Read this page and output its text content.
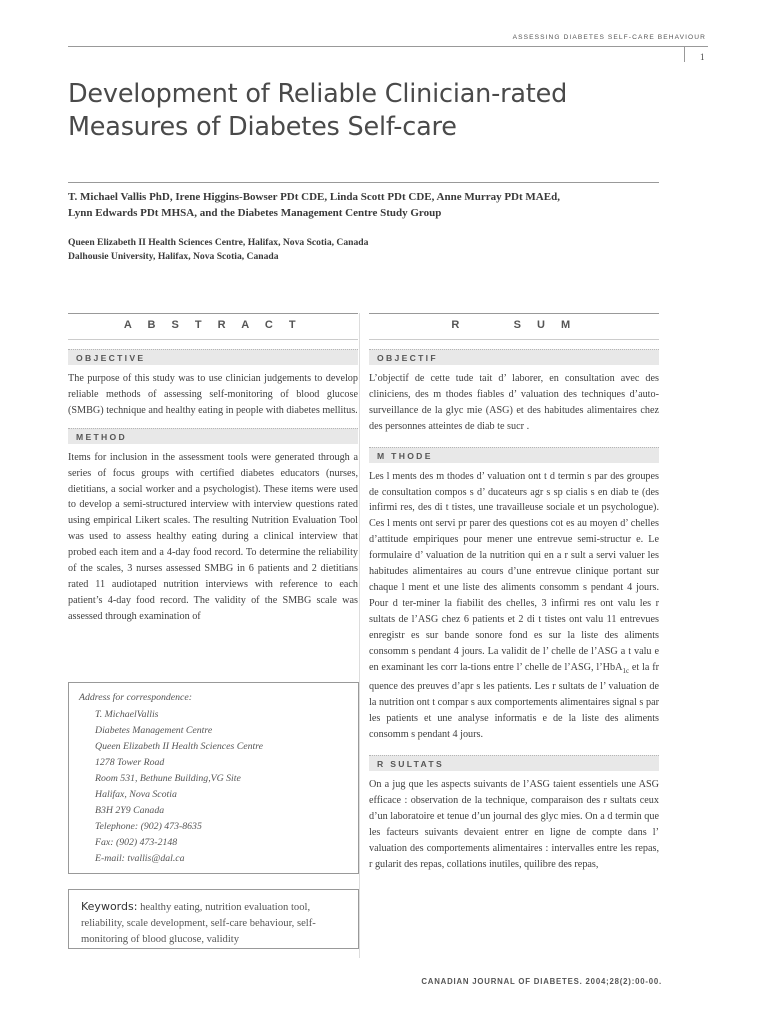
ASSESSING DIABETES SELF-CARE BEHAVIOUR
1
Development of Reliable Clinician-rated
Measures of Diabetes Self-care
T. Michael Vallis PhD, Irene Higgins-Bowser PDt CDE, Linda Scott PDt CDE, Anne Murray PDt MAEd,
Lynn Edwards PDt MHSA, and the Diabetes Management Centre Study Group
Queen Elizabeth II Health Sciences Centre, Halifax, Nova Scotia, Canada
Dalhousie University, Halifax, Nova Scotia, Canada
A B S T R A C T
OBJECTIVE

The purpose of this study was to use clinician judgements to develop reliable methods of assessing self-monitoring of blood glucose (SMBG) technique and healthy eating in people with diabetes mellitus.

METHOD

Items for inclusion in the assessment tools were generated through a series of focus groups with certified diabetes educators (nurses, dietitians, a social worker and a psychologist). These items were used to develop a semi-structured interview with interview questions rated using empirical Likert scales. The resulting Nutrition Evaluation Tool was used to assess healthy eating during a clinical interview that probed each item and a 4-day food record. To determine the reliability of the scales, 3 nurses assessed SMBG in 6 patients and 2 dietitians rated 11 audiotaped nutrition interviews with reference to each patient’s 4-day food record. The validity of the SMBG scale was assessed through examination of

R     S U M
OBJECTIF

L’objectif de cette tude tait d’ laborer, en consultation avec des cliniciens, des m thodes fiables d’ valuation des techniques d’auto-surveillance de la glyc mie (ASG) et des habitudes alimentaires chez des personnes atteintes de diab te sucr .

M THODE

Les l ments des m thodes d’ valuation ont t d termin s par des groupes de consultation compos s d’ ducateurs agr s sp cialis s en diab te (des infirmi res, des di t tistes, une travailleuse sociale et un psychologue). Ces l ments ont servi pr parer des questions cot es au moyen d’ chelles d’attitude empiriques pour mener une entrevue semi-structur e. Le formulaire d’ valuation de la nutrition qui en a r sult a servi valuer les habitudes alimentaires au cours d’une entrevue clinique portant sur chaque l ment et une liste des aliments consomm s pendant 4 jours. Pour d ter-miner la fiabilit des chelles, 3 infirmi res ont valu les r sultats de l’ASG chez 6 patients et 2 di t tistes ont valu 11 entrevues enregistr es sur bande sonore fond es sur la liste des aliments consomm s pendant 4 jours. La validit de l’ chelle de l’ASG a t valu e en examinant les corr la-tions entre l’ chelle de l’ASG, l’HbA$_{1c}$ et la fr quence des preuves d’apr s les patients. Les r sultats de l’ valuation de la nutrition ont t compar s aux comportements alimentaires signal s par les patients et une analyse informatis e de la liste des aliments consomm s pendant 4 jours.

R SULTATS

On a jug que les aspects suivants de l’ASG taient essentiels une ASG efficace : observation de la technique, comparaison des r sultats ceux d’un laboratoire et tenue d’un journal des glyc mies. On a d termin que les facteurs suivants devaient entrer en ligne de compte dans l’ valuation des comportements alimentaires : intervalles entre les repas, r gularit des repas, collations inutiles, quilibre des repas,

Address for correspondence:
T. MichaelVallis
Diabetes Management Centre
Queen Elizabeth II Health Sciences Centre
1278 Tower Road
Room 531, Bethune Building,VG Site
Halifax, Nova Scotia
B3H 2Y9 Canada
Telephone: (902) 473-8635
Fax: (902) 473-2148
E-mail: tvallis@dal.ca
Keywords: healthy eating, nutrition evaluation tool, reliability, scale development, self-care behaviour, self-monitoring of blood glucose, validity
CANADIAN JOURNAL OF DIABETES. 2004;28(2):00-00.
